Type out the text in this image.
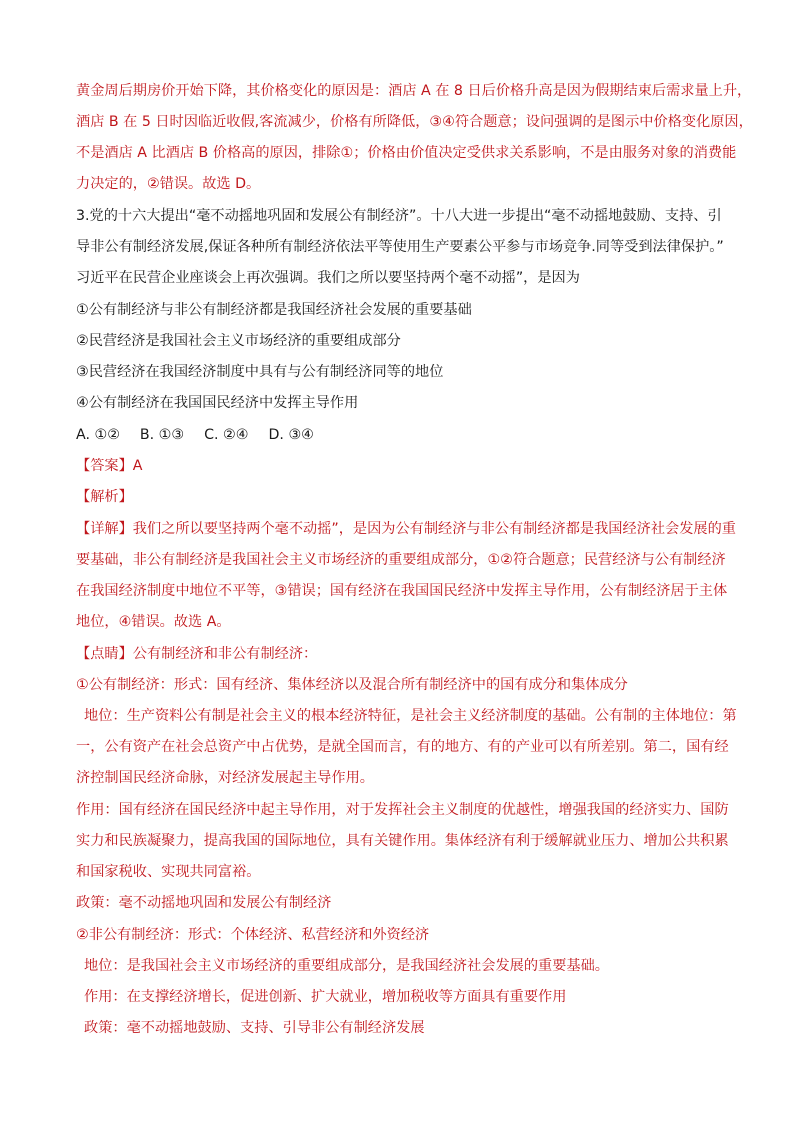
黄金周后期房价开始下降，其价格变化的原因是：酒店 A 在 8 日后价格升高是因为假期结束后需求量上升，
酒店 B 在 5 日时因临近收假,客流减少，价格有所降低，③④符合题意；设问强调的是图示中价格变化原因，
不是酒店 A 比酒店 B 价格高的原因，排除①；价格由价值决定受供求关系影响，不是由服务对象的消费能
力决定的，②错误。故选 D。
3.党的十六大提出“毫不动摇地巩固和发展公有制经济”。十八大进一步提出“毫不动摇地鼓励、支持、引
导非公有制经济发展,保证各种所有制经济依法平等使用生产要素公平参与市场竞争.同等受到法律保护。”
习近平在民营企业座谈会上再次强调。我们之所以要坚持两个毫不动摇”，是因为
①公有制经济与非公有制经济都是我国经济社会发展的重要基础
②民营经济是我国社会主义市场经济的重要组成部分
③民营经济在我国经济制度中具有与公有制经济同等的地位
④公有制经济在我国国民经济中发挥主导作用
A. ①② B. ①③ C. ②④ D. ③④
【答案】A
【解析】
【详解】我们之所以要坚持两个毫不动摇”，是因为公有制经济与非公有制经济都是我国经济社会发展的重
要基础，非公有制经济是我国社会主义市场经济的重要组成部分，①②符合题意；民营经济与公有制经济
在我国经济制度中地位不平等，③错误；国有经济在我国国民经济中发挥主导作用，公有制经济居于主体
地位，④错误。故选 A。
【点睛】公有制经济和非公有制经济：
①公有制经济：形式：国有经济、集体经济以及混合所有制经济中的国有成分和集体成分
地位：生产资料公有制是社会主义的根本经济特征，是社会主义经济制度的基础。公有制的主体地位：第
一，公有资产在社会总资产中占优势，是就全国而言，有的地方、有的产业可以有所差别。第二，国有经
济控制国民经济命脉，对经济发展起主导作用。
作用：国有经济在国民经济中起主导作用，对于发挥社会主义制度的优越性，增强我国的经济实力、国防
实力和民族凝聚力，提高我国的国际地位，具有关键作用。集体经济有利于缓解就业压力、增加公共积累
和国家税收、实现共同富裕。
政策：毫不动摇地巩固和发展公有制经济
②非公有制经济：形式：个体经济、私营经济和外资经济
地位：是我国社会主义市场经济的重要组成部分，是我国经济社会发展的重要基础。
作用：在支撑经济增长，促进创新、扩大就业，增加税收等方面具有重要作用
政策：毫不动摇地鼓励、支持、引导非公有制经济发展
